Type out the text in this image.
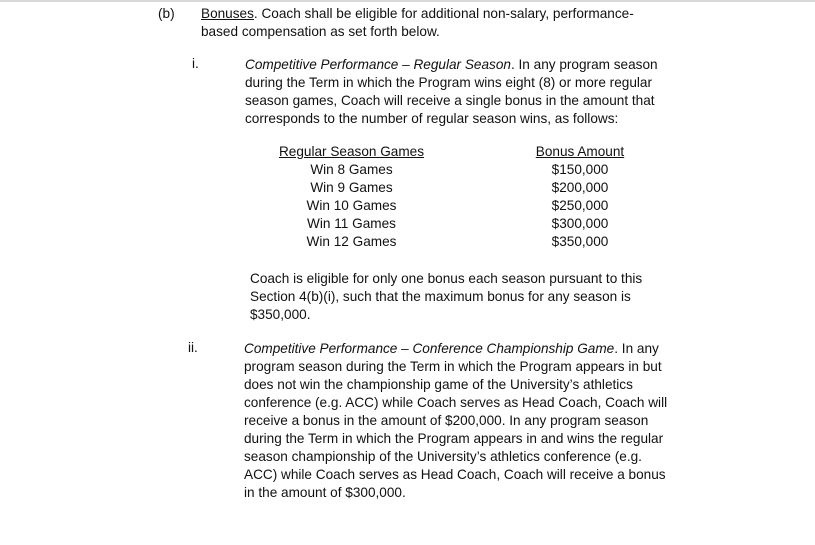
(b) Bonuses. Coach shall be eligible for additional non-salary, performance-
based compensation as set forth below.
i.	Competitive Performance – Regular Season. In any program season
during the Term in which the Program wins eight (8) or more regular
season games, Coach will receive a single bonus in the amount that
corresponds to the number of regular season wins, as follows:
Regular Season Games
Win 8 Games
Win 9 Games
Win 10 Games
Win 11 Games
Win 12 Games
Bonus Amount
$150,000
$200,000
$250,000
$300,000
$350,000
Coach is eligible for only one bonus each season pursuant to this
Section 4(b)(i), such that the maximum bonus for any season is
$350,000.
ii.	Competitive Performance – Conference Championship Game. In any
program season during the Term in which the Program appears in but
does not win the championship game of the University’s athletics
conference (e.g. ACC) while Coach serves as Head Coach, Coach will
receive a bonus in the amount of $200,000. In any program season
during the Term in which the Program appears in and wins the regular
season championship of the University’s athletics conference (e.g.
ACC) while Coach serves as Head Coach, Coach will receive a bonus
in the amount of $300,000.
